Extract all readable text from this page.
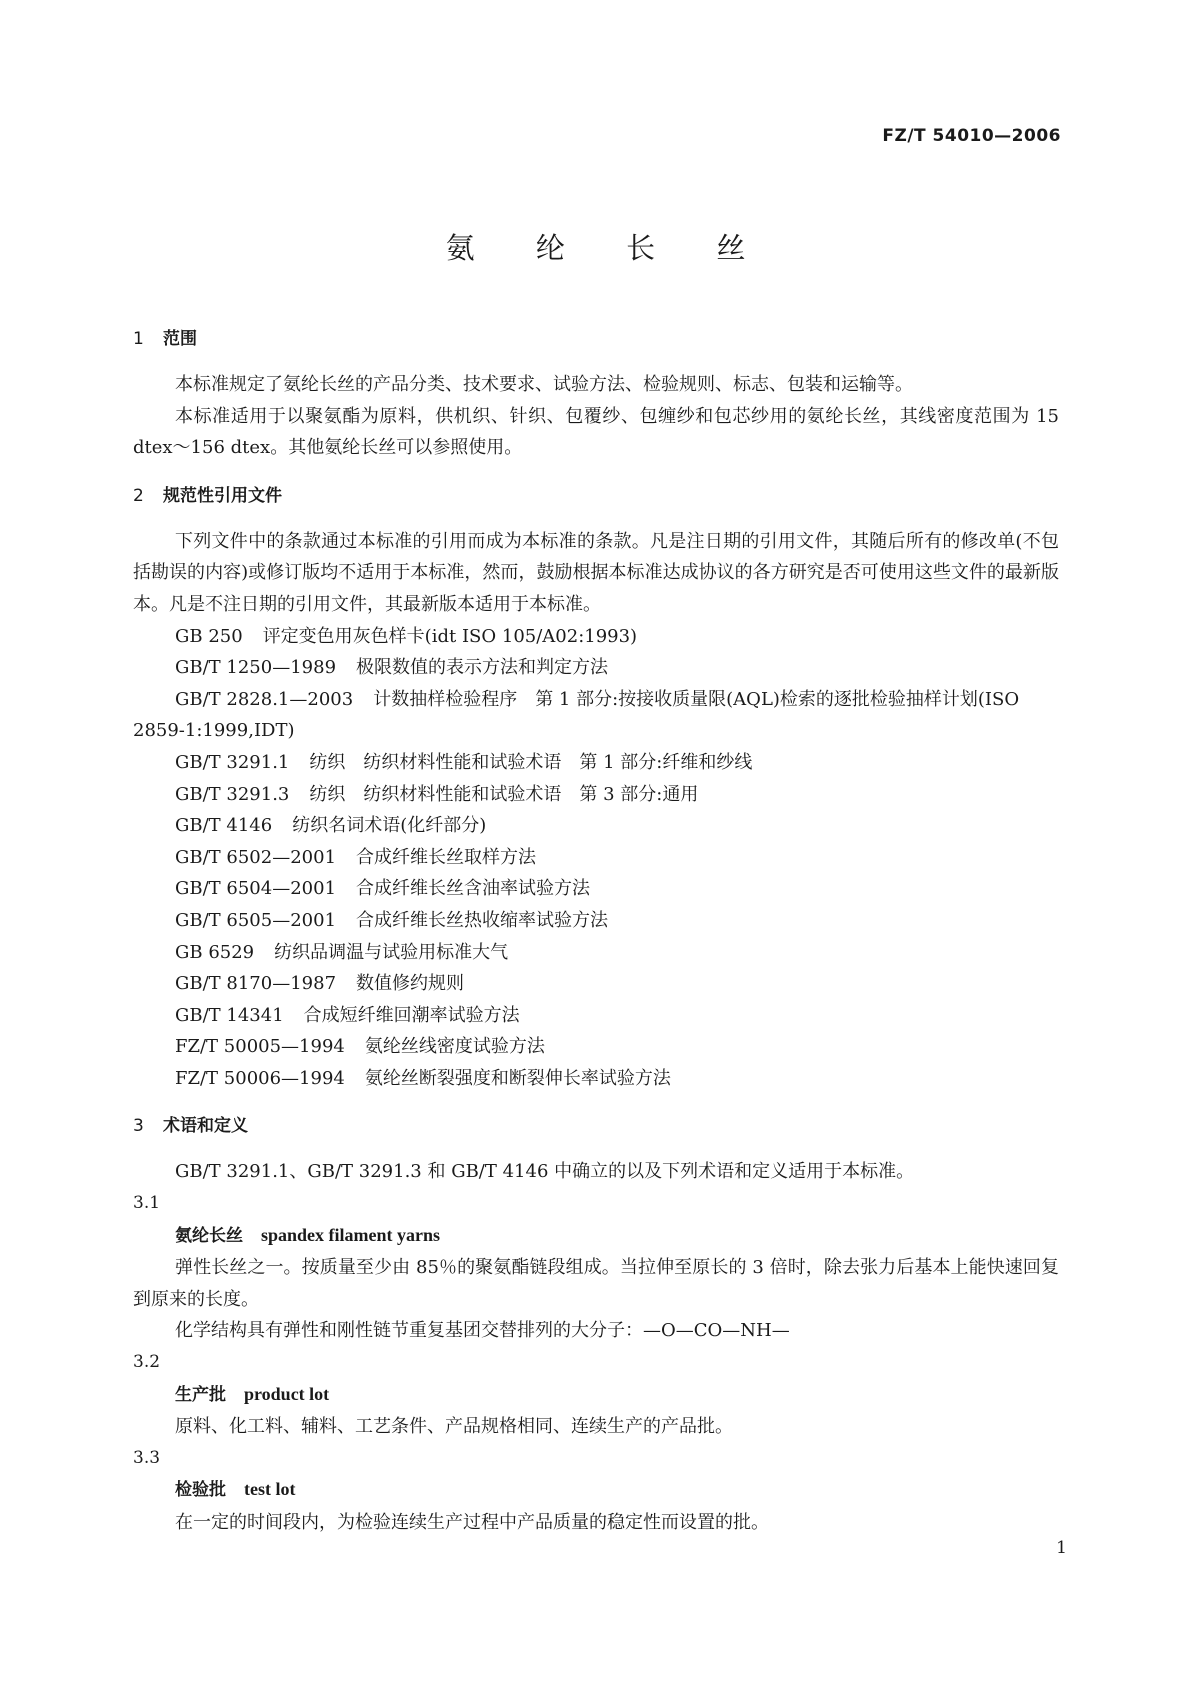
FZ/T 54010—2006
氨 纶 长 丝
1	范围

本标准规定了氨纶长丝的产品分类、技术要求、试验方法、检验规则、标志、包装和运输等。

本标准适用于以聚氨酯为原料，供机织、针织、包覆纱、包缠纱和包芯纱用的氨纶长丝，其线密度范围为 15 dtex～156 dtex。其他氨纶长丝可以参照使用。

2	规范性引用文件

下列文件中的条款通过本标准的引用而成为本标准的条款。凡是注日期的引用文件，其随后所有的修改单(不包括勘误的内容)或修订版均不适用于本标准，然而，鼓励根据本标准达成协议的各方研究是否可使用这些文件的最新版本。凡是不注日期的引用文件，其最新版本适用于本标准。

GB 250 评定变色用灰色样卡(idt ISO 105/A02:1993)
GB/T 1250—1989 极限数值的表示方法和判定方法
GB/T 2828.1—2003 计数抽样检验程序　第 1 部分:按接收质量限(AQL)检索的逐批检验抽样计划(ISO 2859-1:1999,IDT)
GB/T 3291.1 纺织　纺织材料性能和试验术语　第 1 部分:纤维和纱线
GB/T 3291.3 纺织　纺织材料性能和试验术语　第 3 部分:通用
GB/T 4146 纺织名词术语(化纤部分)
GB/T 6502—2001 合成纤维长丝取样方法
GB/T 6504—2001 合成纤维长丝含油率试验方法
GB/T 6505—2001 合成纤维长丝热收缩率试验方法
GB 6529 纺织品调温与试验用标准大气
GB/T 8170—1987 数值修约规则
GB/T 14341 合成短纤维回潮率试验方法
FZ/T 50005—1994 氨纶丝线密度试验方法
FZ/T 50006—1994 氨纶丝断裂强度和断裂伸长率试验方法
3	术语和定义

GB/T 3291.1、GB/T 3291.3 和 GB/T 4146 中确立的以及下列术语和定义适用于本标准。

3.1

氨纶长丝 spandex filament yarns

弹性长丝之一。按质量至少由 85％的聚氨酯链段组成。当拉伸至原长的 3 倍时，除去张力后基本上能快速回复到原来的长度。

化学结构具有弹性和刚性链节重复基团交替排列的大分子：—O—CO—NH—

3.2

生产批 product lot

原料、化工料、辅料、工艺条件、产品规格相同、连续生产的产品批。

3.3

检验批 test lot

在一定的时间段内，为检验连续生产过程中产品质量的稳定性而设置的批。

1
